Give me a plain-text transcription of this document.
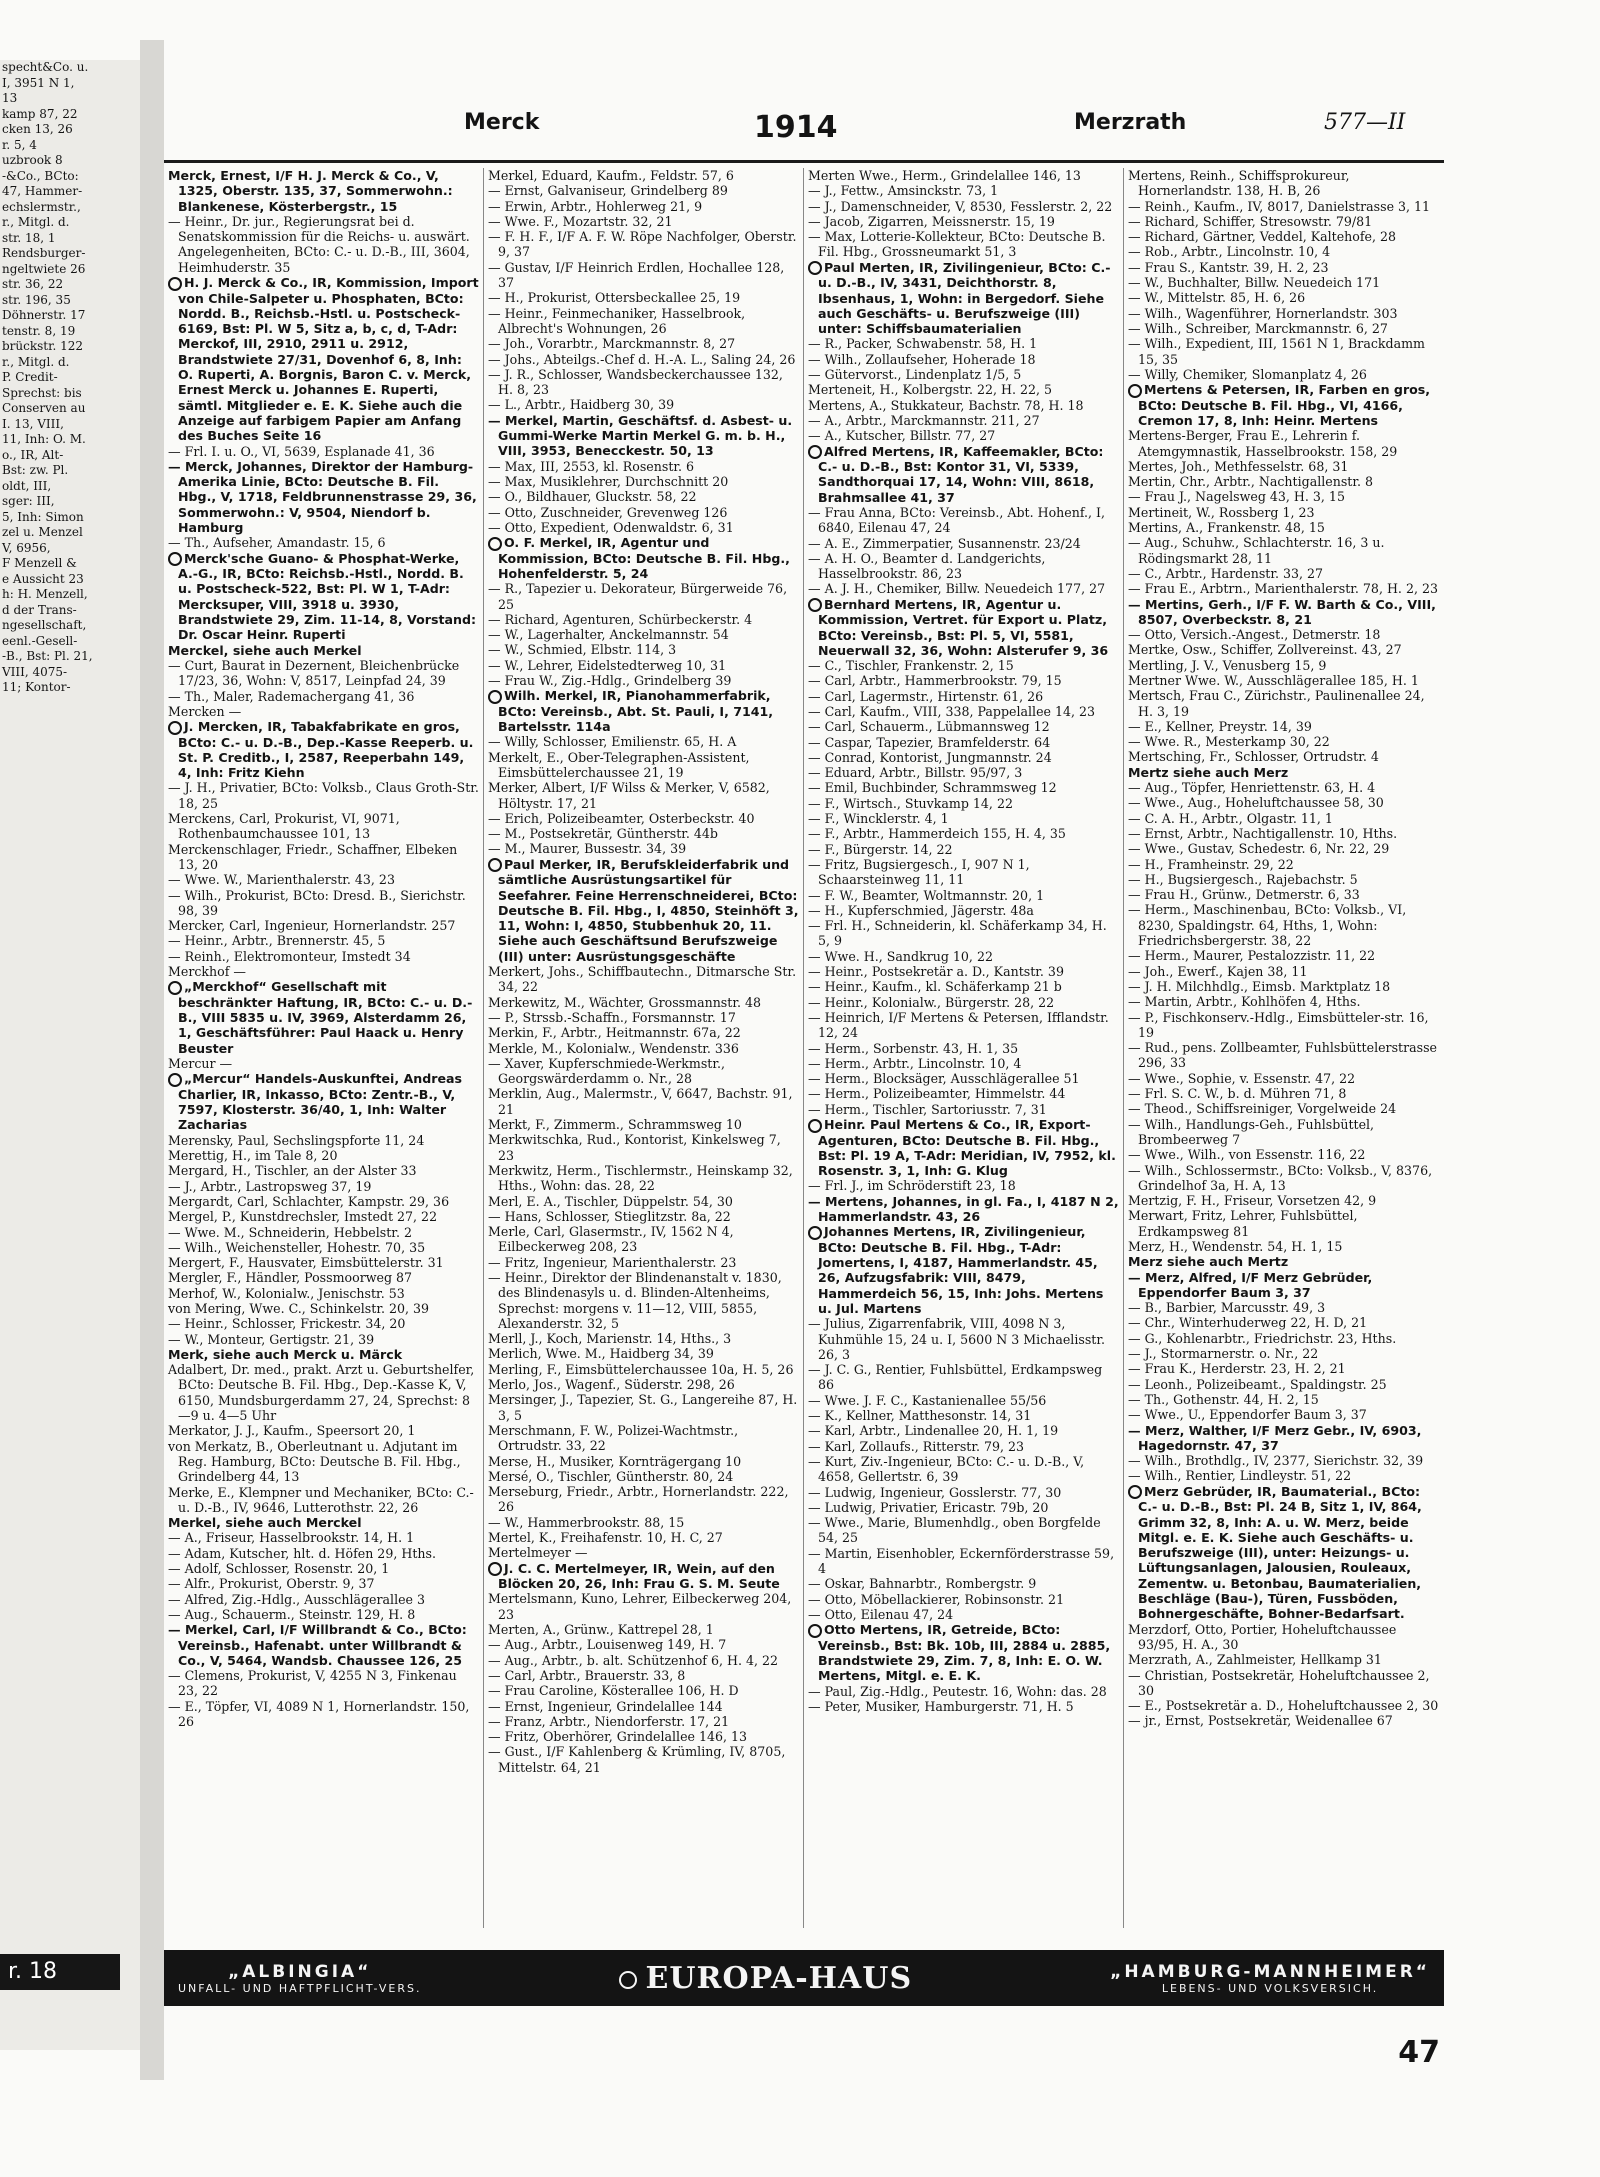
specht&Co. u.
I, 3951 N 1,
13
kamp 87, 22
cken 13, 26
r. 5, 4
uzbrook 8
-&Co., BCto:
47, Hammer-
echslermstr.,
r., Mitgl. d.
str. 18, 1
Rendsburger-
ngeltwiete 26
str. 36, 22
str. 196, 35
Döhnerstr. 17
tenstr. 8, 19
brückstr. 122
r., Mitgl. d.
P. Credit-
Sprechst: bis
Conserven au
I. 13, VIII,
11, Inh: O. M.
o., IR, Alt-
Bst: zw. Pl.
oldt, III,
sger: III,
5, Inh: Simon
zel u. Menzel
V, 6956,
F Menzell &
e Aussicht 23
h: H. Menzell,
d der Trans-
ngesellschaft,
eenl.-Gesell-
-B., Bst: Pl. 21,
VIII, 4075-
11; Kontor-
r. 18
Merck	1914	Merzrath	577—II

Merck, Ernest, I/F H. J. Merck & Co., V, 1325, Oberstr. 135, 37, Sommerwohn.: Blankenese, Kösterbergstr., 15

— Heinr., Dr. jur., Regierungsrat bei d. Senatskommission für die Reichs- u. auswärt. Angelegenheiten, BCto: C.- u. D.-B., III, 3604, Heimhuderstr. 35

H. J. Merck & Co., IR, Kommission, Import von Chile-Salpeter u. Phosphaten, BCto: Nordd. B., Reichsb.-Hstl. u. Postscheck-6169, Bst: Pl. W 5, Sitz a, b, c, d, T-Adr: Merckof, III, 2910, 2911 u. 2912, Brandstwiete 27/31, Dovenhof 6, 8, Inh: O. Ruperti, A. Borgnis, Baron C. v. Merck, Ernest Merck u. Johannes E. Ruperti, sämtl. Mitglieder e. E. K. Siehe auch die Anzeige auf farbigem Papier am Anfang des Buches Seite 16

— Frl. I. u. O., VI, 5639, Esplanade 41, 36

— Merck, Johannes, Direktor der Hamburg-Amerika Linie, BCto: Deutsche B. Fil. Hbg., V, 1718, Feldbrunnenstrasse 29, 36, Sommerwohn.: V, 9504, Niendorf b. Hamburg

— Th., Aufseher, Amandastr. 15, 6

Merck'sche Guano- & Phosphat-Werke, A.-G., IR, BCto: Reichsb.-Hstl., Nordd. B. u. Postscheck-522, Bst: Pl. W 1, T-Adr: Mercksuper, VIII, 3918 u. 3930, Brandstwiete 29, Zim. 11-14, 8, Vorstand: Dr. Oscar Heinr. Ruperti

Merckel, siehe auch Merkel

— Curt, Baurat in Dezernent, Bleichenbrücke 17/23, 36, Wohn: V, 8517, Leinpfad 24, 39

— Th., Maler, Rademachergang 41, 36

Mercken —

J. Mercken, IR, Tabakfabrikate en gros, BCto: C.- u. D.-B., Dep.-Kasse Reeperb. u. St. P. Creditb., I, 2587, Reeperbahn 149, 4, Inh: Fritz Kiehn

— J. H., Privatier, BCto: Volksb., Claus Groth-Str. 18, 25

Merckens, Carl, Prokurist, VI, 9071, Rothenbaumchaussee 101, 13

Merckenschlager, Friedr., Schaffner, Elbeken 13, 20

— Wwe. W., Marienthalerstr. 43, 23

— Wilh., Prokurist, BCto: Dresd. B., Sierichstr. 98, 39

Mercker, Carl, Ingenieur, Hornerlandstr. 257

— Heinr., Arbtr., Brennerstr. 45, 5

— Reinh., Elektromonteur, Imstedt 34

Merckhof —

„Merckhof“ Gesellschaft mit beschränkter Haftung, IR, BCto: C.- u. D.-B., VIII 5835 u. IV, 3969, Alsterdamm 26, 1, Geschäftsführer: Paul Haack u. Henry Beuster

Mercur —

„Mercur“ Handels-Auskunftei, Andreas Charlier, IR, Inkasso, BCto: Zentr.-B., V, 7597, Klosterstr. 36/40, 1, Inh: Walter Zacharias

Merensky, Paul, Sechslingspforte 11, 24

Merettig, H., im Tale 8, 20

Mergard, H., Tischler, an der Alster 33

— J., Arbtr., Lastropsweg 37, 19

Mergardt, Carl, Schlachter, Kampstr. 29, 36

Mergel, P., Kunstdrechsler, Imstedt 27, 22

— Wwe. M., Schneiderin, Hebbelstr. 2

— Wilh., Weichensteller, Hohestr. 70, 35

Mergert, F., Hausvater, Eimsbüttelerstr. 31

Mergler, F., Händler, Possmoorweg 87

Merhof, W., Kolonialw., Jenischstr. 53

von Mering, Wwe. C., Schinkelstr. 20, 39

— Heinr., Schlosser, Frickestr. 34, 20

— W., Monteur, Gertigstr. 21, 39

Merk, siehe auch Merck u. Märck

Adalbert, Dr. med., prakt. Arzt u. Geburtshelfer, BCto: Deutsche B. Fil. Hbg., Dep.-Kasse K, V, 6150, Mundsburgerdamm 27, 24, Sprechst: 8—9 u. 4—5 Uhr

Merkator, J. J., Kaufm., Speersort 20, 1

von Merkatz, B., Oberleutnant u. Adjutant im Reg. Hamburg, BCto: Deutsche B. Fil. Hbg., Grindelberg 44, 13

Merke, E., Klempner und Mechaniker, BCto: C.- u. D.-B., IV, 9646, Lutterothstr. 22, 26

Merkel, siehe auch Merckel

— A., Friseur, Hasselbrookstr. 14, H. 1

— Adam, Kutscher, hlt. d. Höfen 29, Hths.

— Adolf, Schlosser, Rosenstr. 20, 1

— Alfr., Prokurist, Oberstr. 9, 37

— Alfred, Zig.-Hdlg., Ausschlägerallee 3

— Aug., Schauerm., Steinstr. 129, H. 8

— Merkel, Carl, I/F Willbrandt & Co., BCto: Vereinsb., Hafenabt. unter Willbrandt & Co., V, 5464, Wandsb. Chaussee 126, 25

— Clemens, Prokurist, V, 4255 N 3, Finkenau 23, 22

— E., Töpfer, VI, 4089 N 1, Hornerlandstr. 150, 26

Merkel, Eduard, Kaufm., Feldstr. 57, 6

— Ernst, Galvaniseur, Grindelberg 89

— Erwin, Arbtr., Hohlerweg 21, 9

— Wwe. F., Mozartstr. 32, 21

— F. H. F., I/F A. F. W. Röpe Nachfolger, Oberstr. 9, 37

— Gustav, I/F Heinrich Erdlen, Hochallee 128, 37

— H., Prokurist, Ottersbeckallee 25, 19

— Heinr., Feinmechaniker, Hasselbrook, Albrecht's Wohnungen, 26

— Joh., Vorarbtr., Marckmannstr. 8, 27

— Johs., Abteilgs.-Chef d. H.-A. L., Saling 24, 26

— J. R., Schlosser, Wandsbeckerchaussee 132, H. 8, 23

— L., Arbtr., Haidberg 30, 39

— Merkel, Martin, Geschäftsf. d. Asbest- u. Gummi-Werke Martin Merkel G. m. b. H., VIII, 3953, Benecckestr. 50, 13

— Max, III, 2553, kl. Rosenstr. 6

— Max, Musiklehrer, Durchschnitt 20

— O., Bildhauer, Gluckstr. 58, 22

— Otto, Zuschneider, Grevenweg 126

— Otto, Expedient, Odenwaldstr. 6, 31

O. F. Merkel, IR, Agentur und Kommission, BCto: Deutsche B. Fil. Hbg., Hohenfelderstr. 5, 24

— R., Tapezier u. Dekorateur, Bürgerweide 76, 25

— Richard, Agenturen, Schürbeckerstr. 4

— W., Lagerhalter, Anckelmannstr. 54

— W., Schmied, Elbstr. 114, 3

— W., Lehrer, Eidelstedterweg 10, 31

— Frau W., Zig.-Hdlg., Grindelberg 39

Wilh. Merkel, IR, Pianohammerfabrik, BCto: Vereinsb., Abt. St. Pauli, I, 7141, Bartelsstr. 114a

— Willy, Schlosser, Emilienstr. 65, H. A

Merkelt, E., Ober-Telegraphen-Assistent, Eimsbüttelerchaussee 21, 19

Merker, Albert, I/F Wilss & Merker, V, 6582, Höltystr. 17, 21

— Erich, Polizeibeamter, Osterbeckstr. 40

— M., Postsekretär, Güntherstr. 44b

— M., Maurer, Bussestr. 34, 39

Paul Merker, IR, Berufskleiderfabrik und sämtliche Ausrüstungsartikel für Seefahrer. Feine Herrenschneiderei, BCto: Deutsche B. Fil. Hbg., I, 4850, Steinhöft 3, 11, Wohn: I, 4850, Stubbenhuk 20, 11. Siehe auch Geschäftsund Berufszweige (III) unter: Ausrüstungsgeschäfte

Merkert, Johs., Schiffbautechn., Ditmarsche Str. 34, 22

Merkewitz, M., Wächter, Grossmannstr. 48

— P., Strssb.-Schaffn., Forsmannstr. 17

Merkin, F., Arbtr., Heitmannstr. 67a, 22

Merkle, M., Kolonialw., Wendenstr. 336

— Xaver, Kupferschmiede-Werkmstr., Georgswärderdamm o. Nr., 28

Merklin, Aug., Malermstr., V, 6647, Bachstr. 91, 21

Merkt, F., Zimmerm., Schrammsweg 10

Merkwitschka, Rud., Kontorist, Kinkelsweg 7, 23

Merkwitz, Herm., Tischlermstr., Heinskamp 32, Hths., Wohn: das. 28, 22

Merl, E. A., Tischler, Düppelstr. 54, 30

— Hans, Schlosser, Stieglitzstr. 8a, 22

Merle, Carl, Glasermstr., IV, 1562 N 4, Eilbeckerweg 208, 23

— Fritz, Ingenieur, Marienthalerstr. 23

— Heinr., Direktor der Blindenanstalt v. 1830, des Blindenasyls u. d. Blinden-Altenheims, Sprechst: morgens v. 11—12, VIII, 5855, Alexanderstr. 32, 5

Merll, J., Koch, Marienstr. 14, Hths., 3

Merlich, Wwe. M., Haidberg 34, 39

Merling, F., Eimsbüttelerchaussee 10a, H. 5, 26

Merlo, Jos., Wagenf., Süderstr. 298, 26

Mersinger, J., Tapezier, St. G., Langereihe 87, H. 3, 5

Merschmann, F. W., Polizei-Wachtmstr., Ortrudstr. 33, 22

Merse, H., Musiker, Kornträgergang 10

Mersé, O., Tischler, Güntherstr. 80, 24

Merseburg, Friedr., Arbtr., Hornerlandstr. 222, 26

— W., Hammerbrookstr. 88, 15

Mertel, K., Freihafenstr. 10, H. C, 27

Mertelmeyer —

J. C. C. Mertelmeyer, IR, Wein, auf den Blöcken 20, 26, Inh: Frau G. S. M. Seute

Mertelsmann, Kuno, Lehrer, Eilbeckerweg 204, 23

Merten, A., Grünw., Kattrepel 28, 1

— Aug., Arbtr., Louisenweg 149, H. 7

— Aug., Arbtr., b. alt. Schützenhof 6, H. 4, 22

— Carl, Arbtr., Brauerstr. 33, 8

— Frau Caroline, Kösterallee 106, H. D

— Ernst, Ingenieur, Grindelallee 144

— Franz, Arbtr., Niendorferstr. 17, 21

— Fritz, Oberhörer, Grindelallee 146, 13

— Gust., I/F Kahlenberg & Krümling, IV, 8705, Mittelstr. 64, 21

Merten Wwe., Herm., Grindelallee 146, 13

— J., Fettw., Amsinckstr. 73, 1

— J., Damenschneider, V, 8530, Fesslerstr. 2, 22

— Jacob, Zigarren, Meissnerstr. 15, 19

— Max, Lotterie-Kollekteur, BCto: Deutsche B. Fil. Hbg., Grossneumarkt 51, 3

Paul Merten, IR, Zivilingenieur, BCto: C.- u. D.-B., IV, 3431, Deichthorstr. 8, Ibsenhaus, 1, Wohn: in Bergedorf. Siehe auch Geschäfts- u. Berufszweige (III) unter: Schiffsbaumaterialien

— R., Packer, Schwabenstr. 58, H. 1

— Wilh., Zollaufseher, Hoherade 18

— Gütervorst., Lindenplatz 1/5, 5

Merteneit, H., Kolbergstr. 22, H. 22, 5

Mertens, A., Stukkateur, Bachstr. 78, H. 18

— A., Arbtr., Marckmannstr. 211, 27

— A., Kutscher, Billstr. 77, 27

Alfred Mertens, IR, Kaffeemakler, BCto: C.- u. D.-B., Bst: Kontor 31, VI, 5339, Sandthorquai 17, 14, Wohn: VIII, 8618, Brahmsallee 41, 37

— Frau Anna, BCto: Vereinsb., Abt. Hohenf., I, 6840, Eilenau 47, 24

— A. E., Zimmerpatier, Susannenstr. 23/24

— A. H. O., Beamter d. Landgerichts, Hasselbrookstr. 86, 23

— A. J. H., Chemiker, Billw. Neuedeich 177, 27

Bernhard Mertens, IR, Agentur u. Kommission, Vertret. für Export u. Platz, BCto: Vereinsb., Bst: Pl. 5, VI, 5581, Neuerwall 32, 36, Wohn: Alsterufer 9, 36

— C., Tischler, Frankenstr. 2, 15

— Carl, Arbtr., Hammerbrookstr. 79, 15

— Carl, Lagermstr., Hirtenstr. 61, 26

— Carl, Kaufm., VIII, 338, Pappelallee 14, 23

— Carl, Schauerm., Lübmannsweg 12

— Caspar, Tapezier, Bramfelderstr. 64

— Conrad, Kontorist, Jungmannstr. 24

— Eduard, Arbtr., Billstr. 95/97, 3

— Emil, Buchbinder, Schrammsweg 12

— F., Wirtsch., Stuvkamp 14, 22

— F., Wincklerstr. 4, 1

— F., Arbtr., Hammerdeich 155, H. 4, 35

— F., Bürgerstr. 14, 22

— Fritz, Bugsiergesch., I, 907 N 1, Schaarsteinweg 11, 11

— F. W., Beamter, Woltmannstr. 20, 1

— H., Kupferschmied, Jägerstr. 48a

— Frl. H., Schneiderin, kl. Schäferkamp 34, H. 5, 9

— Wwe. H., Sandkrug 10, 22

— Heinr., Postsekretär a. D., Kantstr. 39

— Heinr., Kaufm., kl. Schäferkamp 21 b

— Heinr., Kolonialw., Bürgerstr. 28, 22

— Heinrich, I/F Mertens & Petersen, Ifflandstr. 12, 24

— Herm., Sorbenstr. 43, H. 1, 35

— Herm., Arbtr., Lincolnstr. 10, 4

— Herm., Blocksäger, Ausschlägerallee 51

— Herm., Polizeibeamter, Himmelstr. 44

— Herm., Tischler, Sartoriusstr. 7, 31

Heinr. Paul Mertens & Co., IR, Export-Agenturen, BCto: Deutsche B. Fil. Hbg., Bst: Pl. 19 A, T-Adr: Meridian, IV, 7952, kl. Rosenstr. 3, 1, Inh: G. Klug

— Frl. J., im Schröderstift 23, 18

— Mertens, Johannes, in gl. Fa., I, 4187 N 2, Hammerlandstr. 43, 26

Johannes Mertens, IR, Zivilingenieur, BCto: Deutsche B. Fil. Hbg., T-Adr: Jomertens, I, 4187, Hammerlandstr. 45, 26, Aufzugsfabrik: VIII, 8479, Hammerdeich 56, 15, Inh: Johs. Mertens u. Jul. Martens

— Julius, Zigarrenfabrik, VIII, 4098 N 3, Kuhmühle 15, 24 u. I, 5600 N 3 Michaelisstr. 26, 3

— J. C. G., Rentier, Fuhlsbüttel, Erdkampsweg 86

— Wwe. J. F. C., Kastanienallee 55/56

— K., Kellner, Matthesonstr. 14, 31

— Karl, Arbtr., Lindenallee 20, H. 1, 19

— Karl, Zollaufs., Ritterstr. 79, 23

— Kurt, Ziv.-Ingenieur, BCto: C.- u. D.-B., V, 4658, Gellertstr. 6, 39

— Ludwig, Ingenieur, Gosslerstr. 77, 30

— Ludwig, Privatier, Ericastr. 79b, 20

— Wwe., Marie, Blumenhdlg., oben Borgfelde 54, 25

— Martin, Eisenhobler, Eckernförderstrasse 59, 4

— Oskar, Bahnarbtr., Rombergstr. 9

— Otto, Möbellackierer, Robinsonstr. 21

— Otto, Eilenau 47, 24

Otto Mertens, IR, Getreide, BCto: Vereinsb., Bst: Bk. 10b, III, 2884 u. 2885, Brandstwiete 29, Zim. 7, 8, Inh: E. O. W. Mertens, Mitgl. e. E. K.

— Paul, Zig.-Hdlg., Peutestr. 16, Wohn: das. 28

— Peter, Musiker, Hamburgerstr. 71, H. 5

Mertens, Reinh., Schiffsprokureur, Hornerlandstr. 138, H. B, 26

— Reinh., Kaufm., IV, 8017, Danielstrasse 3, 11

— Richard, Schiffer, Stresowstr. 79/81

— Richard, Gärtner, Veddel, Kaltehofe, 28

— Rob., Arbtr., Lincolnstr. 10, 4

— Frau S., Kantstr. 39, H. 2, 23

— W., Buchhalter, Billw. Neuedeich 171

— W., Mittelstr. 85, H. 6, 26

— Wilh., Wagenführer, Hornerlandstr. 303

— Wilh., Schreiber, Marckmannstr. 6, 27

— Wilh., Expedient, III, 1561 N 1, Brackdamm 15, 35

— Willy, Chemiker, Slomanplatz 4, 26

Mertens & Petersen, IR, Farben en gros, BCto: Deutsche B. Fil. Hbg., VI, 4166, Cremon 17, 8, Inh: Heinr. Mertens

Mertens-Berger, Frau E., Lehrerin f. Atemgymnastik, Hasselbrookstr. 158, 29

Mertes, Joh., Methfesselstr. 68, 31

Mertin, Chr., Arbtr., Nachtigallenstr. 8

— Frau J., Nagelsweg 43, H. 3, 15

Mertineit, W., Rossberg 1, 23

Mertins, A., Frankenstr. 48, 15

— Aug., Schuhw., Schlachterstr. 16, 3 u. Rödingsmarkt 28, 11

— C., Arbtr., Hardenstr. 33, 27

— Frau E., Arbtrn., Marienthalerstr. 78, H. 2, 23

— Mertins, Gerh., I/F F. W. Barth & Co., VIII, 8507, Overbeckstr. 8, 21

— Otto, Versich.-Angest., Detmerstr. 18

Mertke, Osw., Schiffer, Zollvereinst. 43, 27

Mertling, J. V., Venusberg 15, 9

Mertner Wwe. W., Ausschlägerallee 185, H. 1

Mertsch, Frau C., Zürichstr., Paulinenallee 24, H. 3, 19

— E., Kellner, Preystr. 14, 39

— Wwe. R., Mesterkamp 30, 22

Mertsching, Fr., Schlosser, Ortrudstr. 4

Mertz siehe auch Merz

— Aug., Töpfer, Henriettenstr. 63, H. 4

— Wwe., Aug., Hoheluftchaussee 58, 30

— C. A. H., Arbtr., Olgastr. 11, 1

— Ernst, Arbtr., Nachtigallenstr. 10, Hths.

— Wwe., Gustav, Schedestr. 6, Nr. 22, 29

— H., Framheinstr. 29, 22

— H., Bugsiergesch., Rajebachstr. 5

— Frau H., Grünw., Detmerstr. 6, 33

— Herm., Maschinenbau, BCto: Volksb., VI, 8230, Spaldingstr. 64, Hths, 1, Wohn: Friedrichsbergerstr. 38, 22

— Herm., Maurer, Pestalozzistr. 11, 22

— Joh., Ewerf., Kajen 38, 11

— J. H. Milchhdlg., Eimsb. Marktplatz 18

— Martin, Arbtr., Kohlhöfen 4, Hths.

— P., Fischkonserv.-Hdlg., Eimsbütteler-str. 16, 19

— Rud., pens. Zollbeamter, Fuhlsbüttelerstrasse 296, 33

— Wwe., Sophie, v. Essenstr. 47, 22

— Frl. S. C. W., b. d. Mühren 71, 8

— Theod., Schiffsreiniger, Vorgelweide 24

— Wilh., Handlungs-Geh., Fuhlsbüttel, Brombeerweg 7

— Wwe., Wilh., von Essenstr. 116, 22

— Wilh., Schlossermstr., BCto: Volksb., V, 8376, Grindelhof 3a, H. A, 13

Mertzig, F. H., Friseur, Vorsetzen 42, 9

Merwart, Fritz, Lehrer, Fuhlsbüttel, Erdkampsweg 81

Merz, H., Wendenstr. 54, H. 1, 15

Merz siehe auch Mertz

— Merz, Alfred, I/F Merz Gebrüder, Eppendorfer Baum 3, 37

— B., Barbier, Marcusstr. 49, 3

— Chr., Winterhuderweg 22, H. D, 21

— G., Kohlenarbtr., Friedrichstr. 23, Hths.

— J., Stormarnerstr. o. Nr., 22

— Frau K., Herderstr. 23, H. 2, 21

— Leonh., Polizeibeamt., Spaldingstr. 25

— Th., Gothenstr. 44, H. 2, 15

— Wwe., U., Eppendorfer Baum 3, 37

— Merz, Walther, I/F Merz Gebr., IV, 6903, Hagedornstr. 47, 37

— Wilh., Brothdlg., IV, 2377, Sierichstr. 32, 39

— Wilh., Rentier, Lindleystr. 51, 22

Merz Gebrüder, IR, Baumaterial., BCto: C.- u. D.-B., Bst: Pl. 24 B, Sitz 1, IV, 864, Grimm 32, 8, Inh: A. u. W. Merz, beide Mitgl. e. E. K. Siehe auch Geschäfts- u. Berufszweige (III), unter: Heizungs- u. Lüftungsanlagen, Jalousien, Rouleaux, Zementw. u. Betonbau, Baumaterialien, Beschläge (Bau-), Türen, Fussböden, Bohnergeschäfte, Bohner-Bedarfsart.

Merzdorf, Otto, Portier, Hoheluftchaussee 93/95, H. A., 30

Merzrath, A., Zahlmeister, Hellkamp 31

— Christian, Postsekretär, Hoheluftchaussee 2, 30

— E., Postsekretär a. D., Hoheluftchaussee 2, 30

— jr., Ernst, Postsekretär, Weidenallee 67

„ALBINGIA“
UNFALL- UND HAFTPFLICHT-VERS.	EUROPA-HAUS	„HAMBURG-MANNHEIMER“
LEBENS- UND VOLKSVERSICH.
47
